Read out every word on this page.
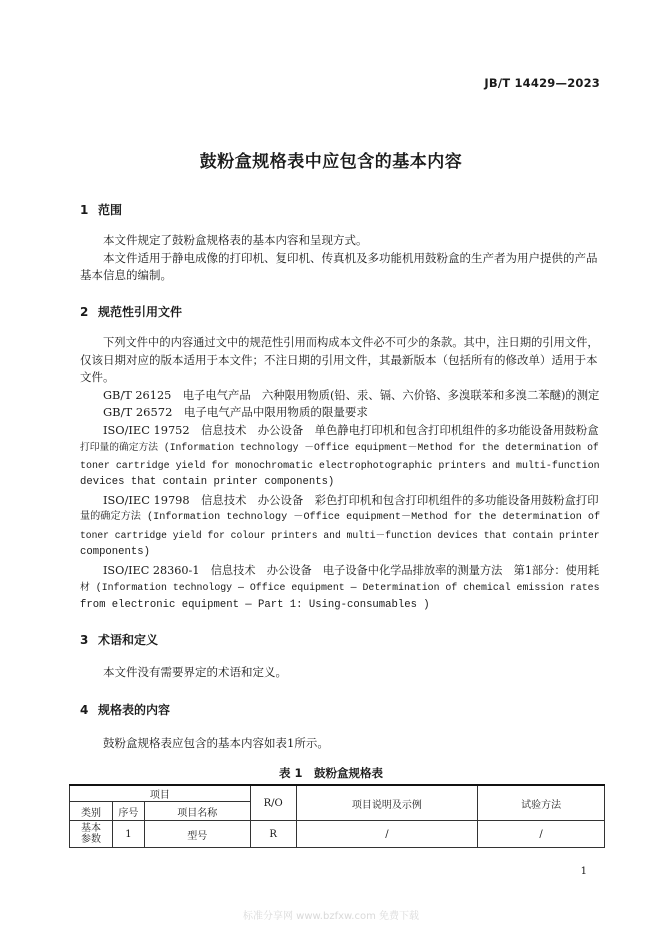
JB/T 14429—2023
鼓粉盒规格表中应包含的基本内容
1 范围
本文件规定了鼓粉盒规格表的基本内容和呈现方式。
本文件适用于静电成像的打印机、复印机、传真机及多功能机用鼓粉盒的生产者为用户提供的产品
基本信息的编制。
2 规范性引用文件
下列文件中的内容通过文中的规范性引用而构成本文件必不可少的条款。其中，注日期的引用文件，
仅该日期对应的版本适用于本文件；不注日期的引用文件，其最新版本（包括所有的修改单）适用于本
文件。
GB/T 26125　电子电气产品　六种限用物质(铅、汞、镉、六价铬、多溴联苯和多溴二苯醚)的测定
GB/T 26572　电子电气产品中限用物质的限量要求
ISO/IEC 19752　信息技术　办公设备　单色静电打印机和包含打印机组件的多功能设备用鼓粉盒
打印量的确定方法 (Information technology －Office equipment－Method for the determination of
toner cartridge yield for monochromatic electrophotographic printers and multi-function
devices that contain printer components)
ISO/IEC 19798　信息技术　办公设备　彩色打印机和包含打印机组件的多功能设备用鼓粉盒打印
量的确定方法 (Information technology －Office equipment－Method for the determination of
toner cartridge yield for colour printers and multi－function devices that contain printer
components)
ISO/IEC 28360-1　信息技术　办公设备　电子设备中化学品排放率的测量方法　第1部分：使用耗
材 (Information technology — Office equipment — Determination of chemical emission rates
from electronic equipment — Part 1: Using-consumables )
3 术语和定义
本文件没有需要界定的术语和定义。
4 规格表的内容
鼓粉盒规格表应包含的基本内容如表1所示。
表 1　鼓粉盒规格表
项目			R/O	项目说明及示例	试验方法
类别	序号	项目名称			

基本参数	1	型号	R	/	/
1
标准分享网 www.bzfxw.com 免费下载
